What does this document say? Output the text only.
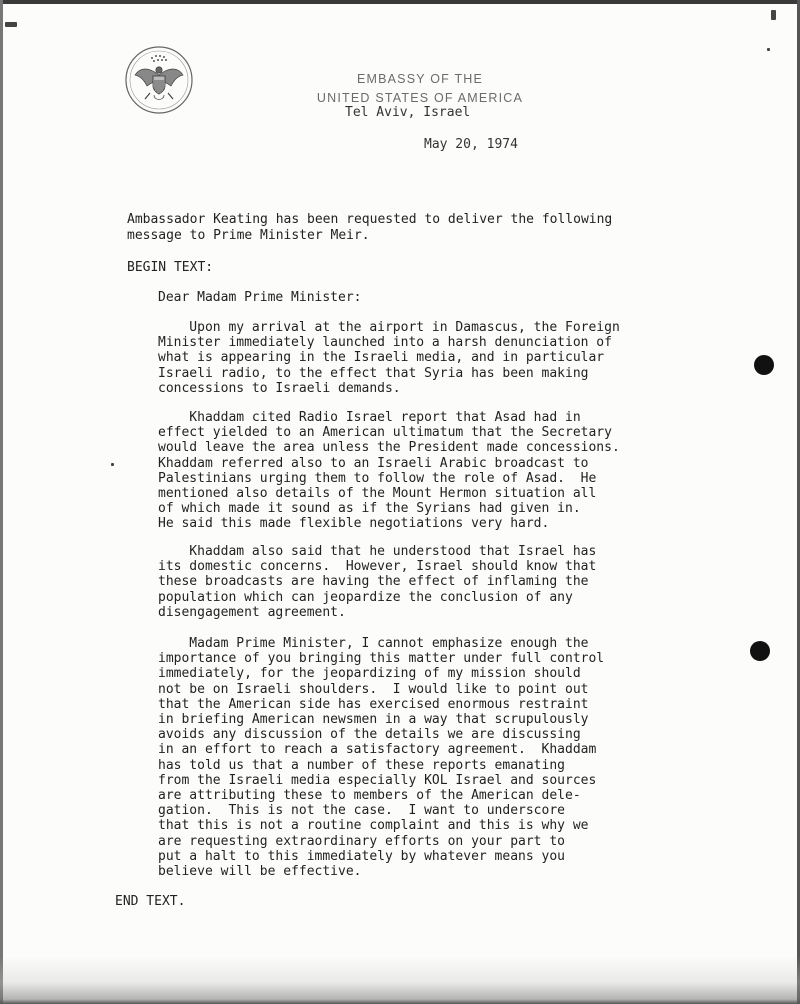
EMBASSY OF THE
UNITED STATES OF AMERICA
Tel Aviv, Israel
May 20, 1974
Ambassador Keating has been requested to deliver the following
message to Prime Minister Meir.
BEGIN TEXT:
Dear Madam Prime Minister:

Upon my arrival at the airport in Damascus, the Foreign
Minister immediately launched into a harsh denunciation of
what is appearing in the Israeli media, and in particular
Israeli radio, to the effect that Syria has been making
concessions to Israeli demands.

Khaddam cited Radio Israel report that Asad had in
effect yielded to an American ultimatum that the Secretary
would leave the area unless the President made concessions.
Khaddam referred also to an Israeli Arabic broadcast to
Palestinians urging them to follow the role of Asad.  He
mentioned also details of the Mount Hermon situation all
of which made it sound as if the Syrians had given in.
He said this made flexible negotiations very hard.

Khaddam also said that he understood that Israel has
its domestic concerns.  However, Israel should know that
these broadcasts are having the effect of inflaming the
population which can jeopardize the conclusion of any
disengagement agreement.

Madam Prime Minister, I cannot emphasize enough the
importance of you bringing this matter under full control
immediately, for the jeopardizing of my mission should
not be on Israeli shoulders.  I would like to point out
that the American side has exercised enormous restraint
in briefing American newsmen in a way that scrupulously
avoids any discussion of the details we are discussing
in an effort to reach a satisfactory agreement.  Khaddam
has told us that a number of these reports emanating
from the Israeli media especially KOL Israel and sources
are attributing these to members of the American dele-
gation.  This is not the case.  I want to underscore
that this is not a routine complaint and this is why we
are requesting extraordinary efforts on your part to
put a halt to this immediately by whatever means you
believe will be effective.

END TEXT.
